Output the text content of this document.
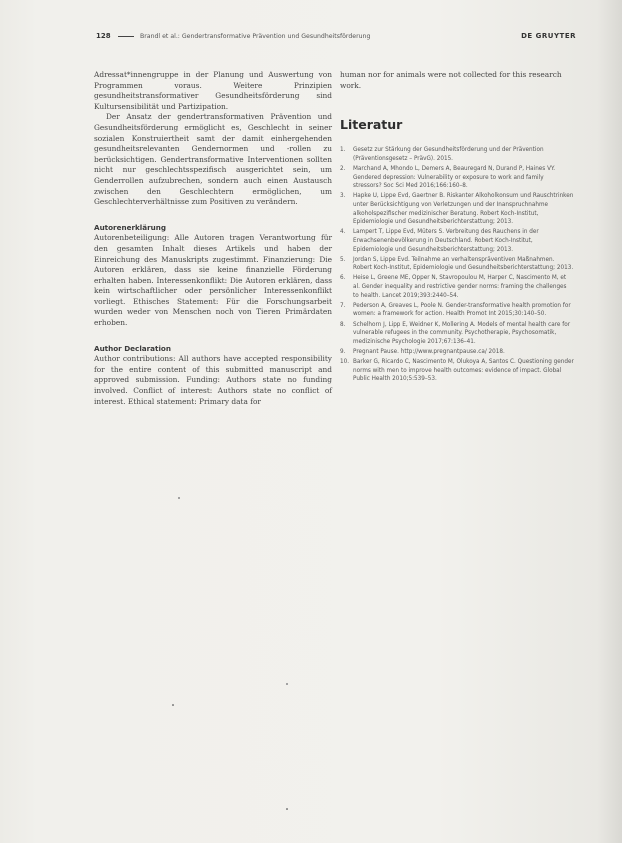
128	Brandl et al.: Gendertransformative Prävention und Gesundheitsförderung	DE GRUYTER

Adressat*innengruppe in der Planung und Auswertung von Programmen voraus. Weitere Prinzipien gesundheitstransformativer Gesundheitsförderung sind Kultursensibilität und Partizipation.

Der Ansatz der gendertransformativen Prävention und Gesundheitsförderung ermöglicht es, Geschlecht in seiner sozialen Konstruiertheit samt der damit einhergehenden gesundheitsrelevanten Gendernormen und -rollen zu berücksichtigen. Gendertransformative Interventionen sollten nicht nur geschlechtsspezifisch ausgerichtet sein, um Genderrollen aufzubrechen, sondern auch einen Austausch zwischen den Geschlechtern ermöglichen, um Geschlechterverhältnisse zum Positiven zu verändern.

Autorenerklärung

Autorenbeteiligung: Alle Autoren tragen Verantwortung für den gesamten Inhalt dieses Artikels und haben der Einreichung des Manuskripts zugestimmt. Finanzierung: Die Autoren erklären, dass sie keine finanzielle Förderung erhalten haben. Interessenkonflikt: Die Autoren erklären, dass kein wirtschaftlicher oder persönlicher Interessenkonflikt vorliegt. Ethisches Statement: Für die Forschungsarbeit wurden weder von Menschen noch von Tieren Primärdaten erhoben.

Author Declaration

Author contributions: All authors have accepted responsibility for the entire content of this submitted manuscript and approved submission. Funding: Authors state no funding involved. Conflict of interest: Authors state no conflict of interest. Ethical statement: Primary data for

human nor for animals were not collected for this research work.

Literatur
1.	Gesetz zur Stärkung der Gesundheitsförderung und der Prävention (Präventionsgesetz – PrävG). 2015.
2.	Marchand A, Mhondo L, Demers A, Beauregard N, Durand P, Haines VY. Gendered depression: Vulnerability or exposure to work and family stressors? Soc Sci Med 2016;166:160–8.
3.	Hapke U, Lippe Evd, Gaertner B. Riskanter Alkoholkonsum und Rauschtrinken unter Berücksichtigung von Verletzungen und der Inanspruchnahme alkoholspezifischer medizinischer Beratung. Robert Koch-Institut, Epidemiologie und Gesundheitsberichterstattung; 2013.
4.	Lampert T, Lippe Evd, Müters S. Verbreitung des Rauchens in der Erwachsenenbevölkerung in Deutschland. Robert Koch-Institut, Epidemiologie und Gesundheitsberichterstattung; 2013.
5.	Jordan S, Lippe Evd. Teilnahme an verhaltenspräventiven Maßnahmen. Robert Koch-Institut, Epidemiologie und Gesundheitsberichterstattung; 2013.
6.	Heise L, Greene ME, Opper N, Stavropoulou M, Harper C, Nascimento M, et al. Gender inequality and restrictive gender norms: framing the challenges to health. Lancet 2019;393:2440–54.
7.	Pederson A, Greaves L, Poole N. Gender-transformative health promotion for women: a framework for action. Health Promot Int 2015;30:140–50.
8.	Schelhorn J, Lipp E, Weidner K, Mollering A. Models of mental health care for vulnerable refugees in the community. Psychotherapie, Psychosomatik, medizinische Psychologie 2017;67:136–41.
9.	Pregnant Pause. http://www.pregnantpause.ca/ 2018.
10. Barker G, Ricardo C, Nascimento M, Olukoya A, Santos C. Questioning gender norms with men to improve health outcomes: evidence of impact. Global Public Health 2010;5:539–53.
